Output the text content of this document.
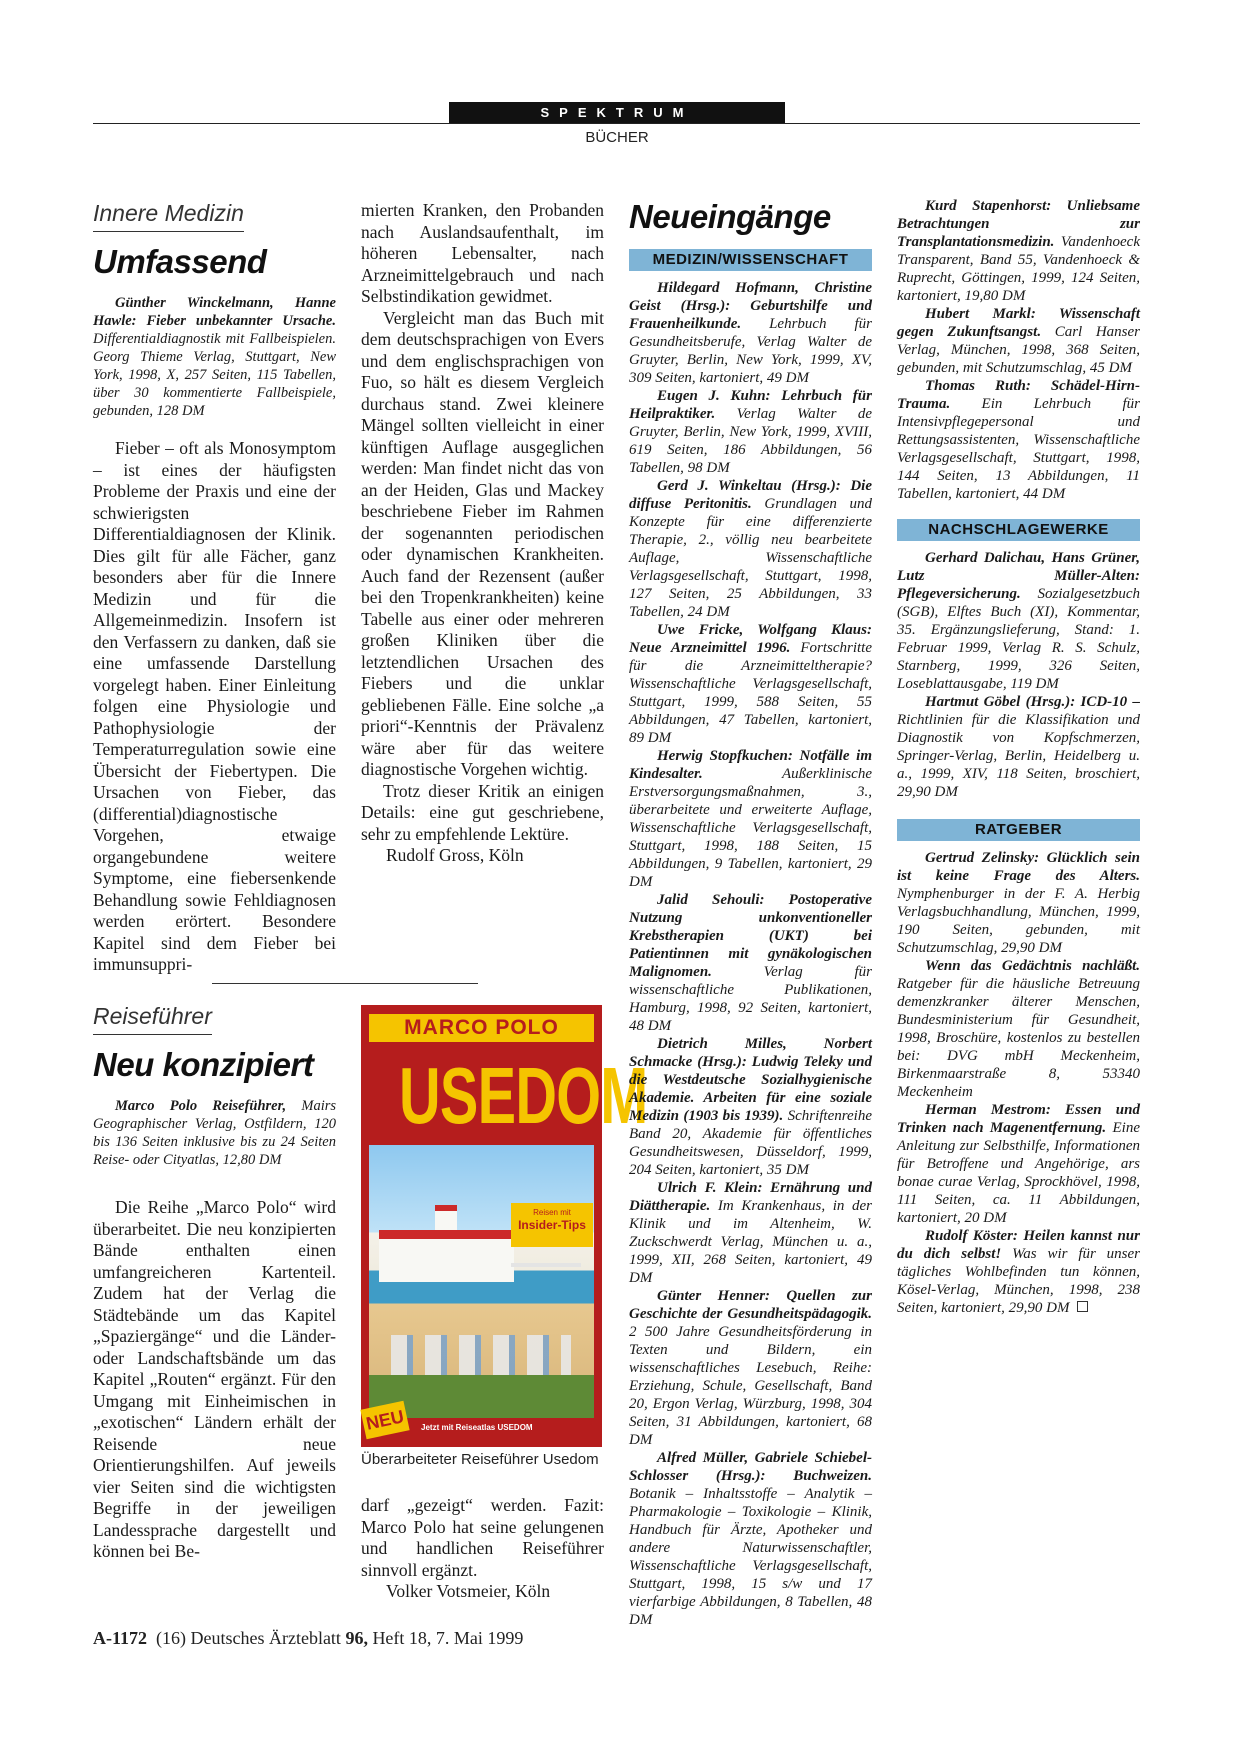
SPEKTRUM
BÜCHER
Innere Medizin
Umfassend

Günther Winckelmann, Hanne Hawle: Fieber unbekannter Ursache. Differentialdiagnostik mit Fallbeispielen. Georg Thieme Verlag, Stuttgart, New York, 1998, X, 257 Seiten, 115 Tabellen, über 30 kommentierte Fallbeispiele, gebunden, 128 DM

Fieber – oft als Monosymptom – ist eines der häufigsten Probleme der Praxis und eine der schwierigsten Differentialdiagnosen der Klinik. Dies gilt für alle Fächer, ganz besonders aber für die Innere Medizin und für die Allgemeinmedizin. Insofern ist den Verfassern zu danken, daß sie eine umfassende Darstellung vorgelegt haben. Einer Einleitung folgen eine Physiologie und Pathophysiologie der Temperaturregulation sowie eine Übersicht der Fiebertypen. Die Ursachen von Fieber, das (differential)diagnostische Vorgehen, etwaige organgebundene weitere Symptome, eine fiebersenkende Behandlung sowie Fehldiagnosen werden erörtert. Besondere Kapitel sind dem Fieber bei immunsuppri-

mierten Kranken, den Probanden nach Auslandsaufenthalt, im höheren Lebensalter, nach Arzneimittelgebrauch und nach Selbstindikation gewidmet.

Vergleicht man das Buch mit dem deutschsprachigen von Evers und dem englischsprachigen von Fuo, so hält es diesem Vergleich durchaus stand. Zwei kleinere Mängel sollten vielleicht in einer künftigen Auflage ausgeglichen werden: Man findet nicht das von an der Heiden, Glas und Mackey beschriebene Fieber im Rahmen der sogenannten periodischen oder dynamischen Krankheiten. Auch fand der Rezensent (außer bei den Tropenkrankheiten) keine Tabelle aus einer oder mehreren großen Kliniken über die letztendlichen Ursachen des Fiebers und die unklar gebliebenen Fälle. Eine solche „a priori“-Kenntnis der Prävalenz wäre aber für das weitere diagnostische Vorgehen wichtig.

Trotz dieser Kritik an einigen Details: eine gut geschriebene, sehr zu empfehlende Lektüre.

Rudolf Gross, Köln

Reiseführer
Neu konzipiert

Marco Polo Reiseführer, Mairs Geographischer Verlag, Ostfildern, 120 bis 136 Seiten inklusive bis zu 24 Seiten Reise- oder Cityatlas, 12,80 DM

Die Reihe „Marco Polo“ wird überarbeitet. Die neu konzipierten Bände enthalten einen umfangreicheren Kartenteil. Zudem hat der Verlag die Städtebände um das Kapitel „Spaziergänge“ und die Länder- oder Landschaftsbände um das Kapitel „Routen“ ergänzt. Für den Umgang mit Einheimischen in „exotischen“ Ländern erhält der Reisende neue Orientierungshilfen. Auf jeweils vier Seiten sind die wichtigsten Begriffe in der jeweiligen Landessprache dargestellt und können bei Be-

MARCO POLO
USEDOM
Reisen mit
Insider-Tips
NEU	Jetzt mit Reiseatlas USEDOM
Überarbeiteter Reiseführer Usedom

darf „gezeigt“ werden. Fazit: Marco Polo hat seine gelungenen und handlichen Reiseführer sinnvoll ergänzt.

Volker Votsmeier, Köln

Neueingänge
MEDIZIN/WISSENSCHAFT

Hildegard Hofmann, Christine Geist (Hrsg.): Geburtshilfe und Frauenheilkunde. Lehrbuch für Gesundheitsberufe, Verlag Walter de Gruyter, Berlin, New York, 1999, XV, 309 Seiten, kartoniert, 49 DM

Eugen J. Kuhn: Lehrbuch für Heilpraktiker. Verlag Walter de Gruyter, Berlin, New York, 1999, XVIII, 619 Seiten, 186 Abbildungen, 56 Tabellen, 98 DM

Gerd J. Winkeltau (Hrsg.): Die diffuse Peritonitis. Grundlagen und Konzepte für eine differenzierte Therapie, 2., völlig neu bearbeitete Auflage, Wissenschaftliche Verlagsgesellschaft, Stuttgart, 1998, 127 Seiten, 25 Abbildungen, 33 Tabellen, 24 DM

Uwe Fricke, Wolfgang Klaus: Neue Arzneimittel 1996. Fortschritte für die Arzneimitteltherapie? Wissenschaftliche Verlagsgesellschaft, Stuttgart, 1999, 588 Seiten, 55 Abbildungen, 47 Tabellen, kartoniert, 89 DM

Herwig Stopfkuchen: Notfälle im Kindesalter.	Außerklinische Erstversorgungsmaßnahmen, 3., überarbeitete und erweiterte Auflage, Wissenschaftliche Verlagsgesellschaft, Stuttgart, 1998, 188 Seiten, 15 Abbildungen, 9 Tabellen, kartoniert, 29 DM

Jalid Sehouli: Postoperative Nutzung unkonventioneller Krebstherapien (UKT) bei Patientinnen mit gynäkologischen Malignomen.	Verlag für wissenschaftliche Publikationen, Hamburg, 1998, 92 Seiten, kartoniert, 48 DM

Dietrich Milles, Norbert Schmacke (Hrsg.): Ludwig Teleky und die Westdeutsche Sozialhygienische Akademie. Arbeiten für eine soziale Medizin (1903 bis 1939). Schriftenreihe Band 20, Akademie für öffentliches Gesundheitswesen, Düsseldorf, 1999, 204 Seiten, kartoniert, 35 DM

Ulrich F. Klein: Ernährung und Diättherapie. Im Krankenhaus, in der Klinik und im Altenheim, W. Zuckschwerdt Verlag, München u. a., 1999, XII, 268 Seiten, kartoniert, 49 DM

Günter Henner: Quellen zur Geschichte der Gesundheitspädagogik. 2 500 Jahre Gesundheitsförderung in Texten und Bildern, ein wissenschaftliches Lesebuch, Reihe: Erziehung, Schule, Gesellschaft, Band 20, Ergon Verlag, Würzburg, 1998, 304 Seiten, 31 Abbildungen, kartoniert, 68 DM

Alfred Müller, Gabriele Schiebel-Schlosser (Hrsg.): Buchweizen. Botanik – Inhaltsstoffe – Analytik – Pharmakologie – Toxikologie – Klinik, Handbuch für Ärzte, Apotheker und andere Naturwissenschaftler, Wissenschaftliche Verlagsgesellschaft, Stuttgart, 1998, 15 s/w und 17 vierfarbige Abbildungen, 8 Tabellen, 48 DM

Kurd Stapenhorst: Unliebsame Betrachtungen zur Transplantationsmedizin. Vandenhoeck Transparent, Band 55, Vandenhoeck & Ruprecht, Göttingen, 1999, 124 Seiten, kartoniert, 19,80 DM

Hubert Markl: Wissenschaft gegen Zukunftsangst. Carl Hanser Verlag, München, 1998, 368 Seiten, gebunden, mit Schutzumschlag, 45 DM

Thomas Ruth: Schädel-Hirn-Trauma. Ein Lehrbuch für Intensivpflegepersonal und Rettungsassistenten, Wissenschaftliche Verlagsgesellschaft, Stuttgart, 1998, 144 Seiten, 13 Abbildungen, 11 Tabellen, kartoniert, 44 DM

NACHSCHLAGEWERKE

Gerhard Dalichau, Hans Grüner, Lutz Müller-Alten: Pflegeversicherung. Sozialgesetzbuch (SGB), Elftes Buch (XI), Kommentar, 35. Ergänzungslieferung, Stand: 1. Februar 1999, Verlag R. S. Schulz, Starnberg, 1999, 326 Seiten, Loseblattausgabe, 119 DM

Hartmut Göbel (Hrsg.): ICD-10 – Richtlinien für die Klassifikation und Diagnostik von Kopfschmerzen, Springer-Verlag, Berlin, Heidelberg u. a., 1999, XIV, 118 Seiten, broschiert, 29,90 DM

RATGEBER

Gertrud Zelinsky: Glücklich sein ist keine Frage des Alters. Nymphenburger in der F. A. Herbig Verlagsbuchhandlung, München, 1999, 190 Seiten, gebunden, mit Schutzumschlag, 29,90 DM

Wenn das Gedächtnis nachläßt. Ratgeber für die häusliche Betreuung demenzkranker älterer Menschen, Bundesministerium für Gesundheit, 1998, Broschüre, kostenlos zu bestellen bei: DVG mbH Meckenheim, Birkenmaarstraße 8, 53340 Meckenheim

Herman Mestrom: Essen und Trinken nach Magenentfernung. Eine Anleitung zur Selbsthilfe, Informationen für Betroffene und Angehörige, ars bonae curae Verlag, Sprockhövel, 1998, 111 Seiten, ca. 11 Abbildungen, kartoniert, 20 DM

Rudolf Köster: Heilen kannst nur du dich selbst! Was wir für unser tägliches Wohlbefinden tun können, Kösel-Verlag, München, 1998, 238 Seiten, kartoniert, 29,90 DM

A-1172 (16) Deutsches Ärzteblatt 96, Heft 18, 7. Mai 1999
